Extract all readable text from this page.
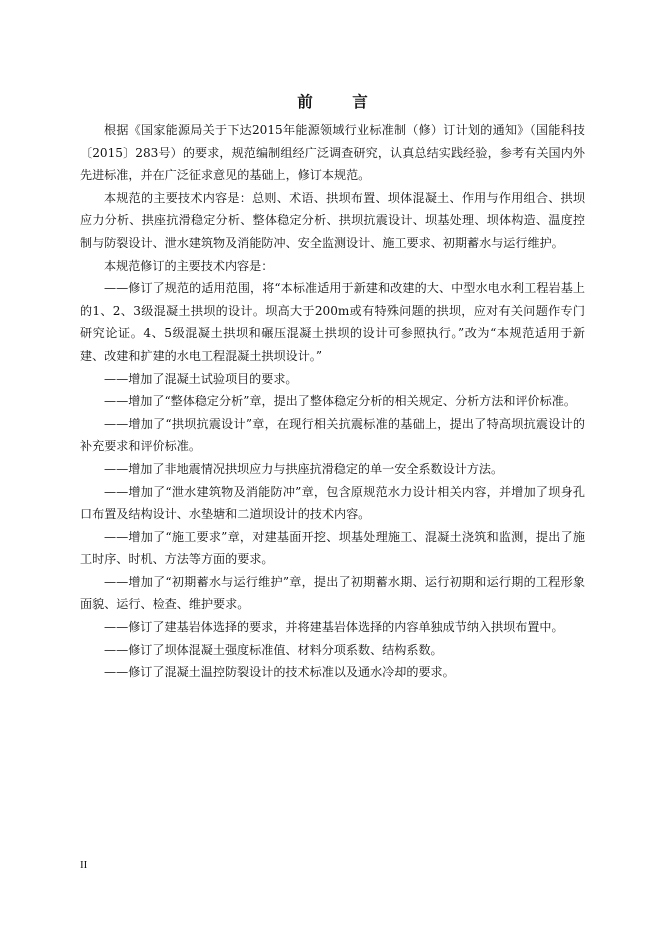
前　言

根据《国家能源局关于下达2015年能源领域行业标准制（修）订计划的通知》（国能科技〔2015〕283号）的要求，规范编制组经广泛调查研究，认真总结实践经验，参考有关国内外先进标准，并在广泛征求意见的基础上，修订本规范。

本规范的主要技术内容是：总则、术语、拱坝布置、坝体混凝土、作用与作用组合、拱坝应力分析、拱座抗滑稳定分析、整体稳定分析、拱坝抗震设计、坝基处理、坝体构造、温度控制与防裂设计、泄水建筑物及消能防冲、安全监测设计、施工要求、初期蓄水与运行维护。

本规范修订的主要技术内容是：

——修订了规范的适用范围，将“本标准适用于新建和改建的大、中型水电水利工程岩基上的1、2、3级混凝土拱坝的设计。坝高大于200m或有特殊问题的拱坝，应对有关问题作专门研究论证。4、5级混凝土拱坝和碾压混凝土拱坝的设计可参照执行。”改为“本规范适用于新建、改建和扩建的水电工程混凝土拱坝设计。”

——增加了混凝土试验项目的要求。

——增加了“整体稳定分析”章，提出了整体稳定分析的相关规定、分析方法和评价标准。

——增加了“拱坝抗震设计”章，在现行相关抗震标准的基础上，提出了特高坝抗震设计的补充要求和评价标准。

——增加了非地震情况拱坝应力与拱座抗滑稳定的单一安全系数设计方法。

——增加了“泄水建筑物及消能防冲”章，包含原规范水力设计相关内容，并增加了坝身孔口布置及结构设计、水垫塘和二道坝设计的技术内容。

——增加了“施工要求”章，对建基面开挖、坝基处理施工、混凝土浇筑和监测，提出了施工时序、时机、方法等方面的要求。

——增加了“初期蓄水与运行维护”章，提出了初期蓄水期、运行初期和运行期的工程形象面貌、运行、检查、维护要求。

——修订了建基岩体选择的要求，并将建基岩体选择的内容单独成节纳入拱坝布置中。

——修订了坝体混凝土强度标准值、材料分项系数、结构系数。

——修订了混凝土温控防裂设计的技术标准以及通水冷却的要求。

II
